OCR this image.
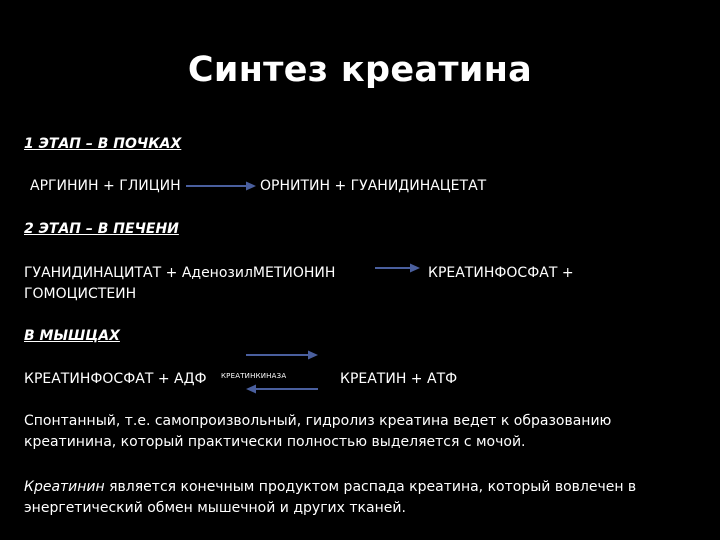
Синтез креатина
1 ЭТАП – В ПОЧКАХ
АРГИНИН + ГЛИЦИН	ОРНИТИН + ГУАНИДИНАЦЕТАТ
2 ЭТАП – В ПЕЧЕНИ
ГУАНИДИНАЦИТАТ + АденозилМЕТИОНИН	КРЕАТИНФОСФАТ +
ГОМОЦИСТЕИН
В МЫШЦАХ
КРЕАТИНФОСФАТ + АДФ КРЕАТИНКИНАЗА	КРЕАТИН + АТФ
Спонтанный, т.е. самопроизвольный, гидролиз креатина ведет к образованию креатинина, который практически полностью выделяется с мочой.
Креатинин является конечным продуктом распада креатина, который вовлечен в энергетический обмен мышечной и других тканей.
